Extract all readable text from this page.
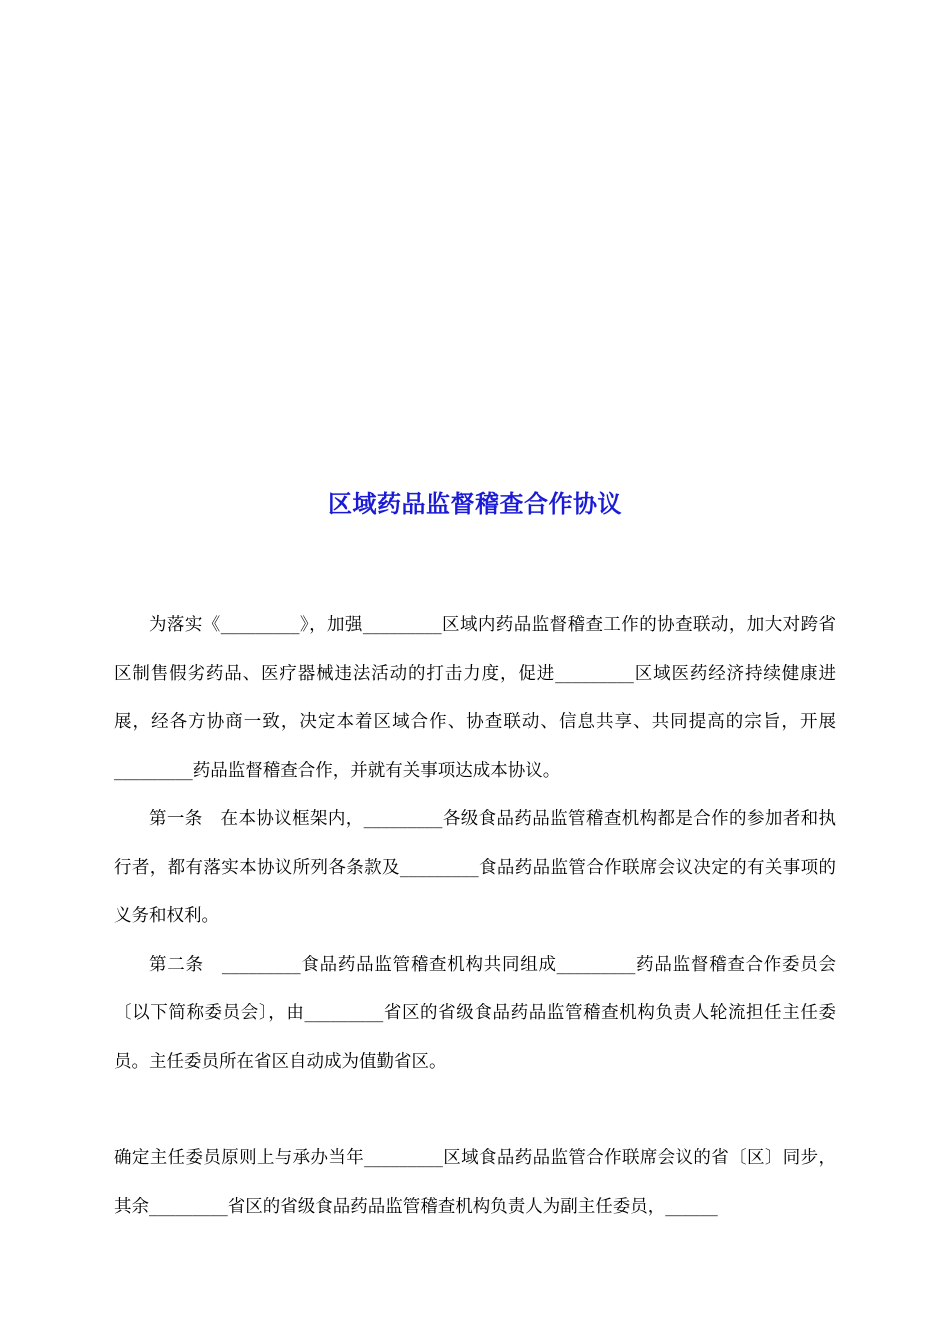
区域药品监督稽查合作协议

为落实《_________》，加强_________区域内药品监督稽查工作的协查联动，加大对跨省区制售假劣药品、医疗器械违法活动的打击力度，促进_________区域医药经济持续健康进展，经各方协商一致，决定本着区域合作、协查联动、信息共享、共同提高的宗旨，开展_________药品监督稽查合作，并就有关事项达成本协议。

第一条　在本协议框架内，_________各级食品药品监管稽查机构都是合作的参加者和执行者，都有落实本协议所列各条款及_________食品药品监管合作联席会议决定的有关事项的义务和权利。

第二条　_________食品药品监管稽查机构共同组成_________药品监督稽查合作委员会〔以下简称委员会〕，由_________省区的省级食品药品监管稽查机构负责人轮流担任主任委员。主任委员所在省区自动成为值勤省区。

确定主任委员原则上与承办当年_________区域食品药品监管合作联席会议的省〔区〕同步，其余_________省区的省级食品药品监管稽查机构负责人为副主任委员，______
